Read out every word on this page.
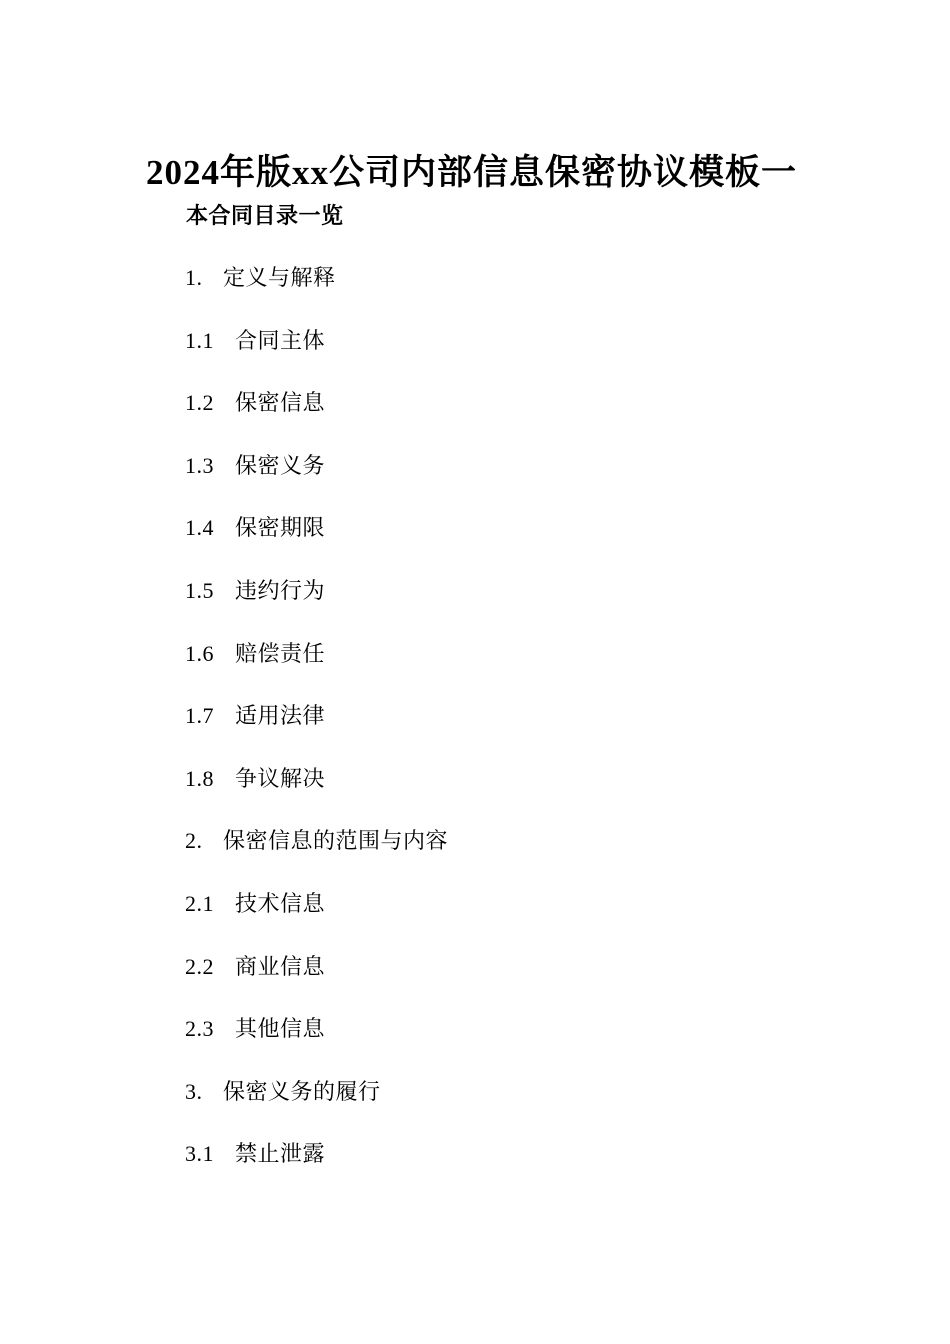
2024年版xx公司内部信息保密协议模板一
本合同目录一览
1. 定义与解释
1.1 合同主体
1.2 保密信息
1.3 保密义务
1.4 保密期限
1.5 违约行为
1.6 赔偿责任
1.7 适用法律
1.8 争议解决
2. 保密信息的范围与内容
2.1 技术信息
2.2 商业信息
2.3 其他信息
3. 保密义务的履行
3.1 禁止泄露
